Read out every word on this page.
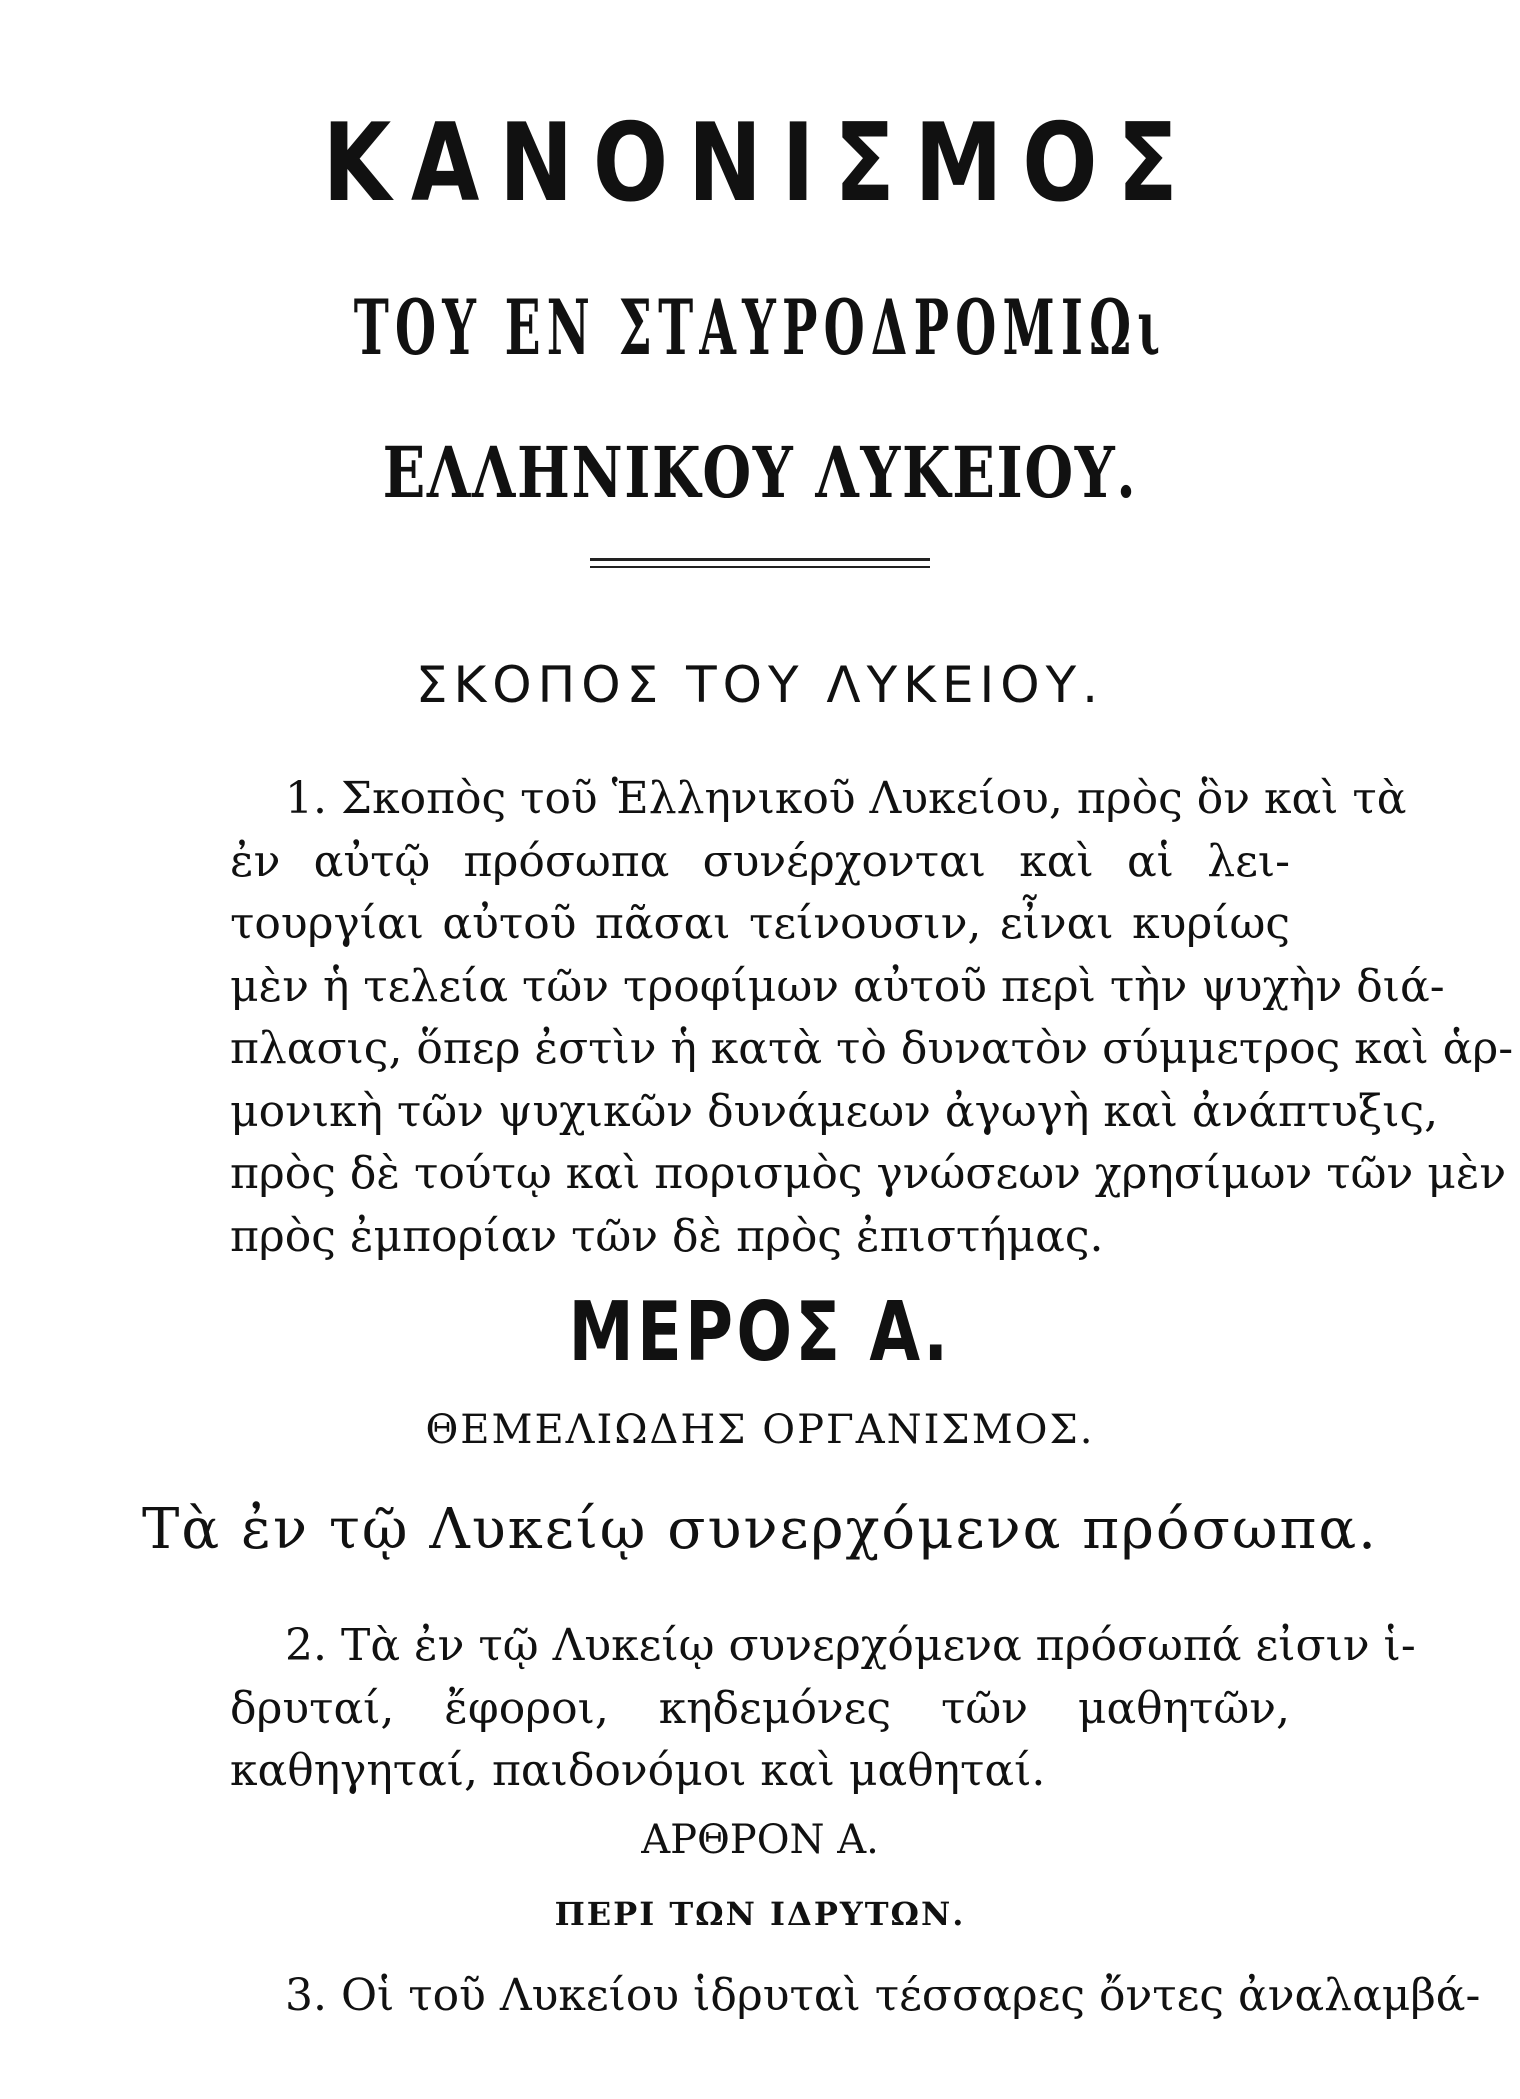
ΚΑΝΟΝΙΣΜΟΣ
ΤΟΥ ΕΝ ΣΤΑΥΡΟΔΡΟΜΙΩι
ΕΛΛΗΝΙΚΟΥ ΛΥΚΕΙΟΥ.
ΣΚΟΠΟΣ ΤΟΥ ΛΥΚΕΙΟΥ.
1. Σκοπὸς τοῦ Ἑλληνικοῦ Λυκείου, πρὸς ὃν καὶ τὰ
ἐν αὐτῷ πρόσωπα συνέρχονται καὶ αἱ λει-
τουργίαι αὐτοῦ πᾶσαι τείνουσιν, εἶναι κυρίως
μὲν ἡ τελεία τῶν τροφίμων αὐτοῦ περὶ τὴν ψυχὴν διά-
πλασις, ὅπερ ἐστὶν ἡ κατὰ τὸ δυνατὸν σύμμετρος καὶ ἁρ-
μονικὴ τῶν ψυχικῶν δυνάμεων ἀγωγὴ καὶ ἀνάπτυξις,
πρὸς δὲ τούτῳ καὶ πορισμὸς γνώσεων χρησίμων τῶν μὲν
πρὸς ἐμπορίαν τῶν δὲ πρὸς ἐπιστήμας.
ΜΕΡΟΣ Α.
ΘΕΜΕΛΙΩΔΗΣ ΟΡΓΑΝΙΣΜΟΣ.
Τὰ ἐν τῷ Λυκείῳ συνερχόμενα πρόσωπα.
2. Τὰ ἐν τῷ Λυκείῳ συνερχόμενα πρόσωπά εἰσιν ἱ-
δρυταί, ἔφοροι, κηδεμόνες τῶν μαθητῶν,
καθηγηταί, παιδονόμοι καὶ μαθηταί.
ΑΡΘΡΟΝ Α.
ΠΕΡΙ ΤΩΝ ΙΔΡΥΤΩΝ.
3. Οἱ τοῦ Λυκείου ἱδρυταὶ τέσσαρες ὄντες ἀναλαμβά-
